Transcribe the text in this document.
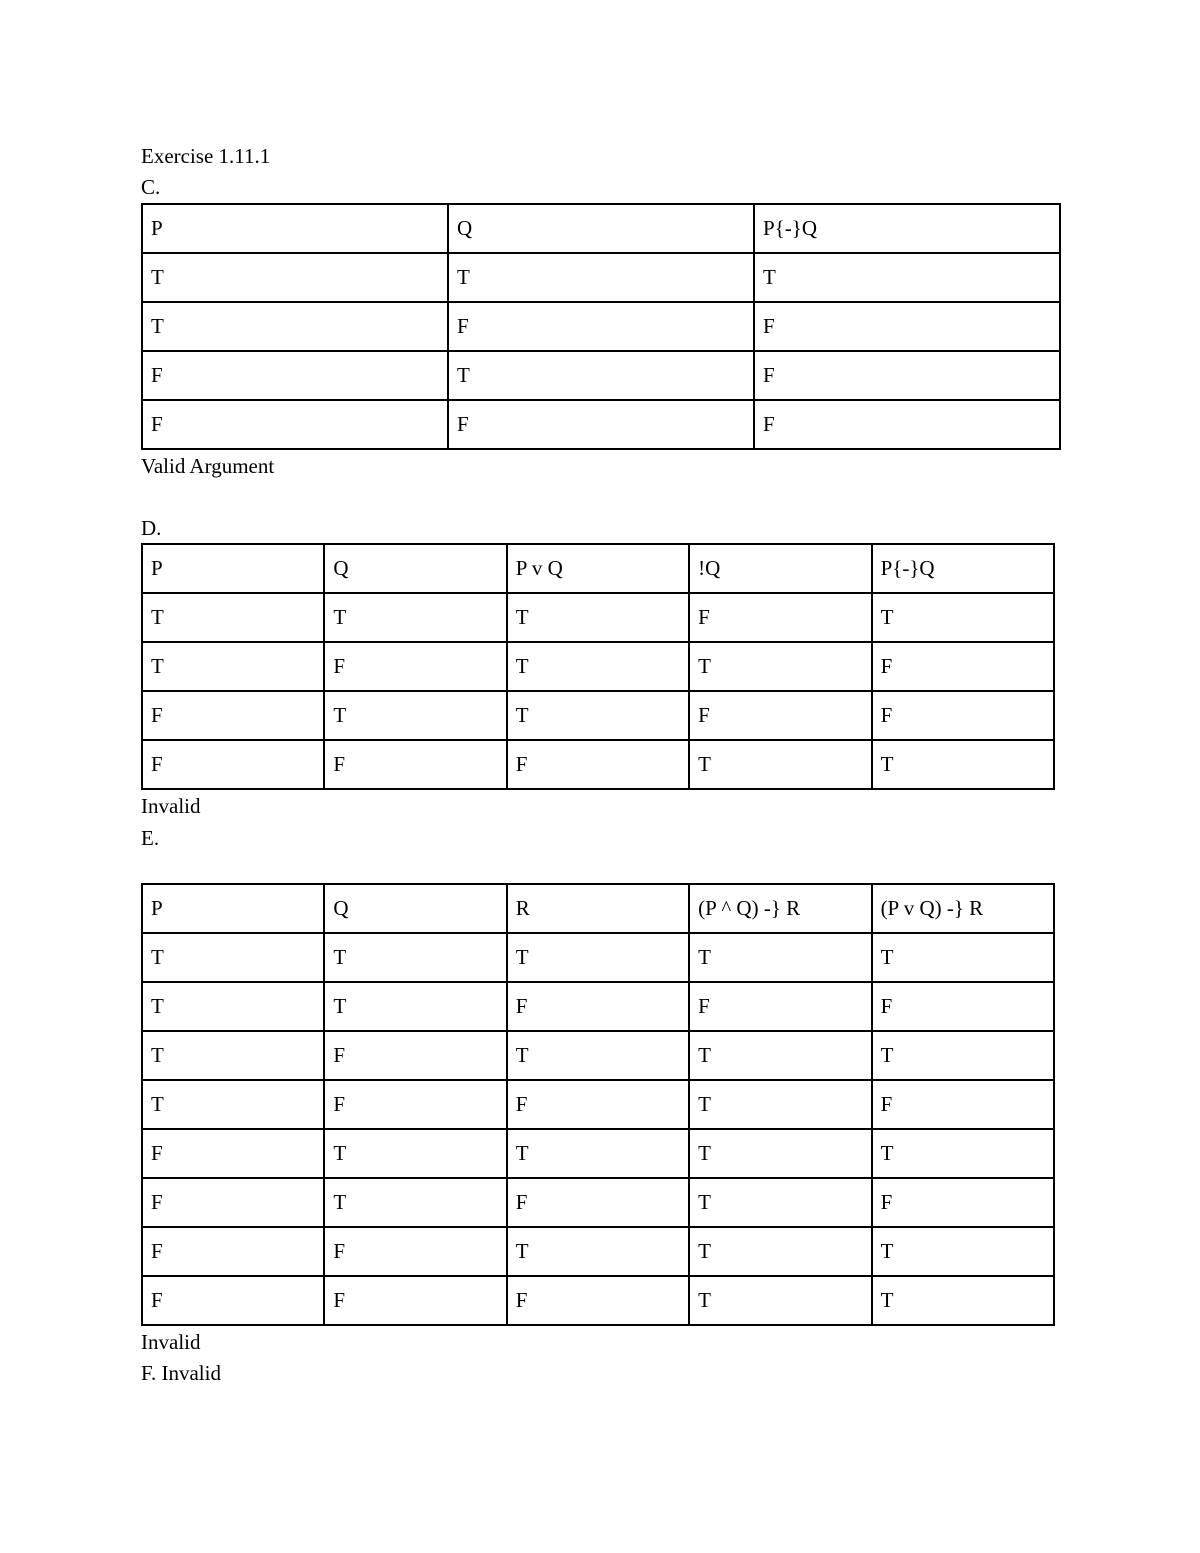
Exercise 1.11.1
C.
P	Q	P{-}Q
T	T	T
T	F	F
F	T	F
F	F	F
Valid Argument
D.
P	Q	P v Q	!Q	P{-}Q
T	T	T	F	T
T	F	T	T	F
F	T	T	F	F
F	F	F	T	T
Invalid
E.
P	Q	R	(P ^ Q) -} R	(P v Q) -} R
T	T	T	T	T
T	T	F	F	F
T	F	T	T	T
T	F	F	T	F
F	T	T	T	T
F	T	F	T	F
F	F	T	T	T
F	F	F	T	T
Invalid
F. Invalid
